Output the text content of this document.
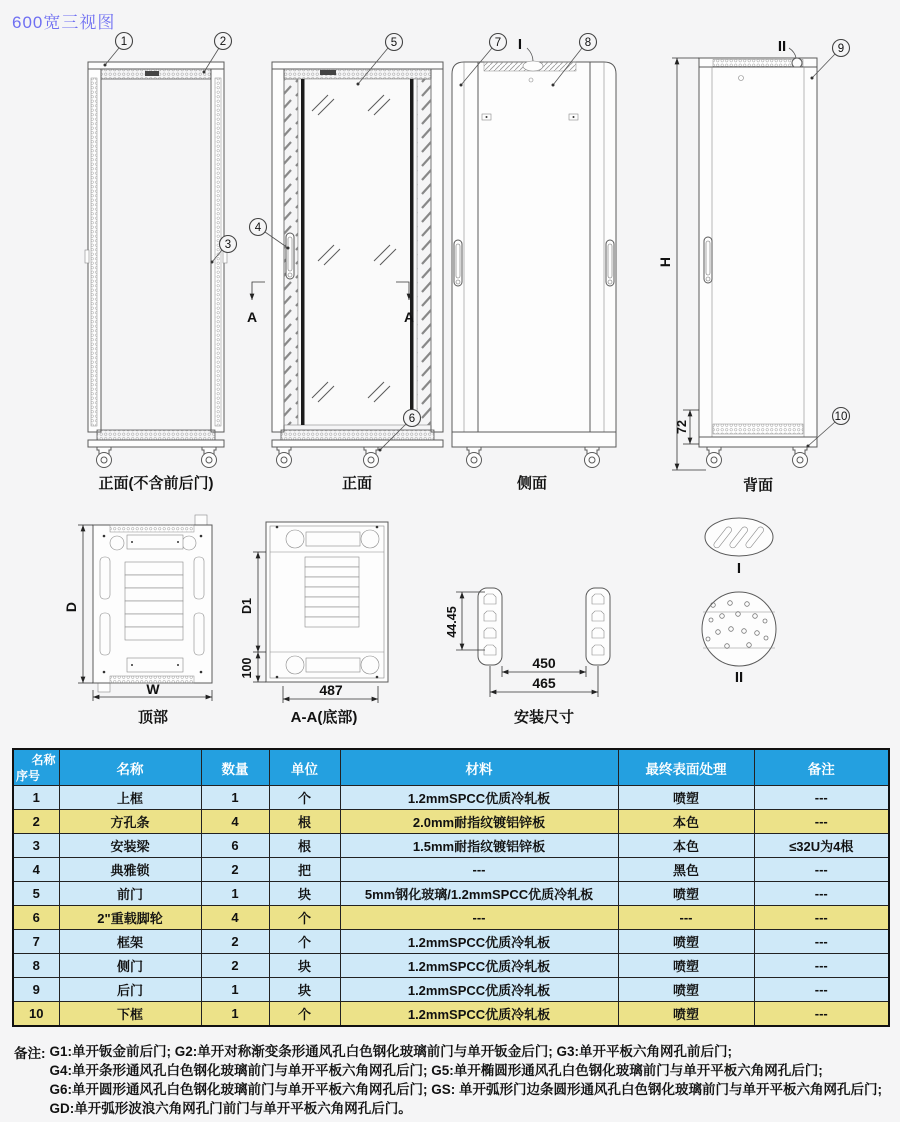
600宽三视图
1	2
3
正面(不含前后门)
A	A
4
5
6
正面
I
7	8
侧面
H
72
II	9
10
背面
D
W
顶部
D1
100
487
A-A(底部)
44.45
450
465
安装尺寸
I
II
名称
序号	名称	数量	单位	材料	最终表面处理	备注
1	上框	1	个	1.2mmSPCC优质冷轧板	喷塑	---
2	方孔条	4	根	2.0mm耐指纹镀铝锌板	本色	---
3	安装梁	6	根	1.5mm耐指纹镀铝锌板	本色	≤32U为4根
4	典雅锁	2	把	---	黑色	---
5	前门	1	块	5mm钢化玻璃/1.2mmSPCC优质冷轧板	喷塑	---
6	2"重载脚轮	4	个	---	---	---
7	框架	2	个	1.2mmSPCC优质冷轧板	喷塑	---
8	侧门	2	块	1.2mmSPCC优质冷轧板	喷塑	---
9	后门	1	块	1.2mmSPCC优质冷轧板	喷塑	---
10	下框	1	个	1.2mmSPCC优质冷轧板	喷塑	---
备注: G1:单开钣金前后门; G2:单开对称渐变条形通风孔白色钢化玻璃前门与单开钣金后门; G3:单开平板六角网孔前后门;
G4:单开条形通风孔白色钢化玻璃前门与单开平板六角网孔后门; G5:单开椭圆形通风孔白色钢化玻璃前门与单开平板六角网孔后门;
G6:单开圆形通风孔白色钢化玻璃前门与单开平板六角网孔后门; GS: 单开弧形门边条圆形通风孔白色钢化玻璃前门与单开平板六角网孔后门;
GD:单开弧形波浪六角网孔门前门与单开平板六角网孔后门。
